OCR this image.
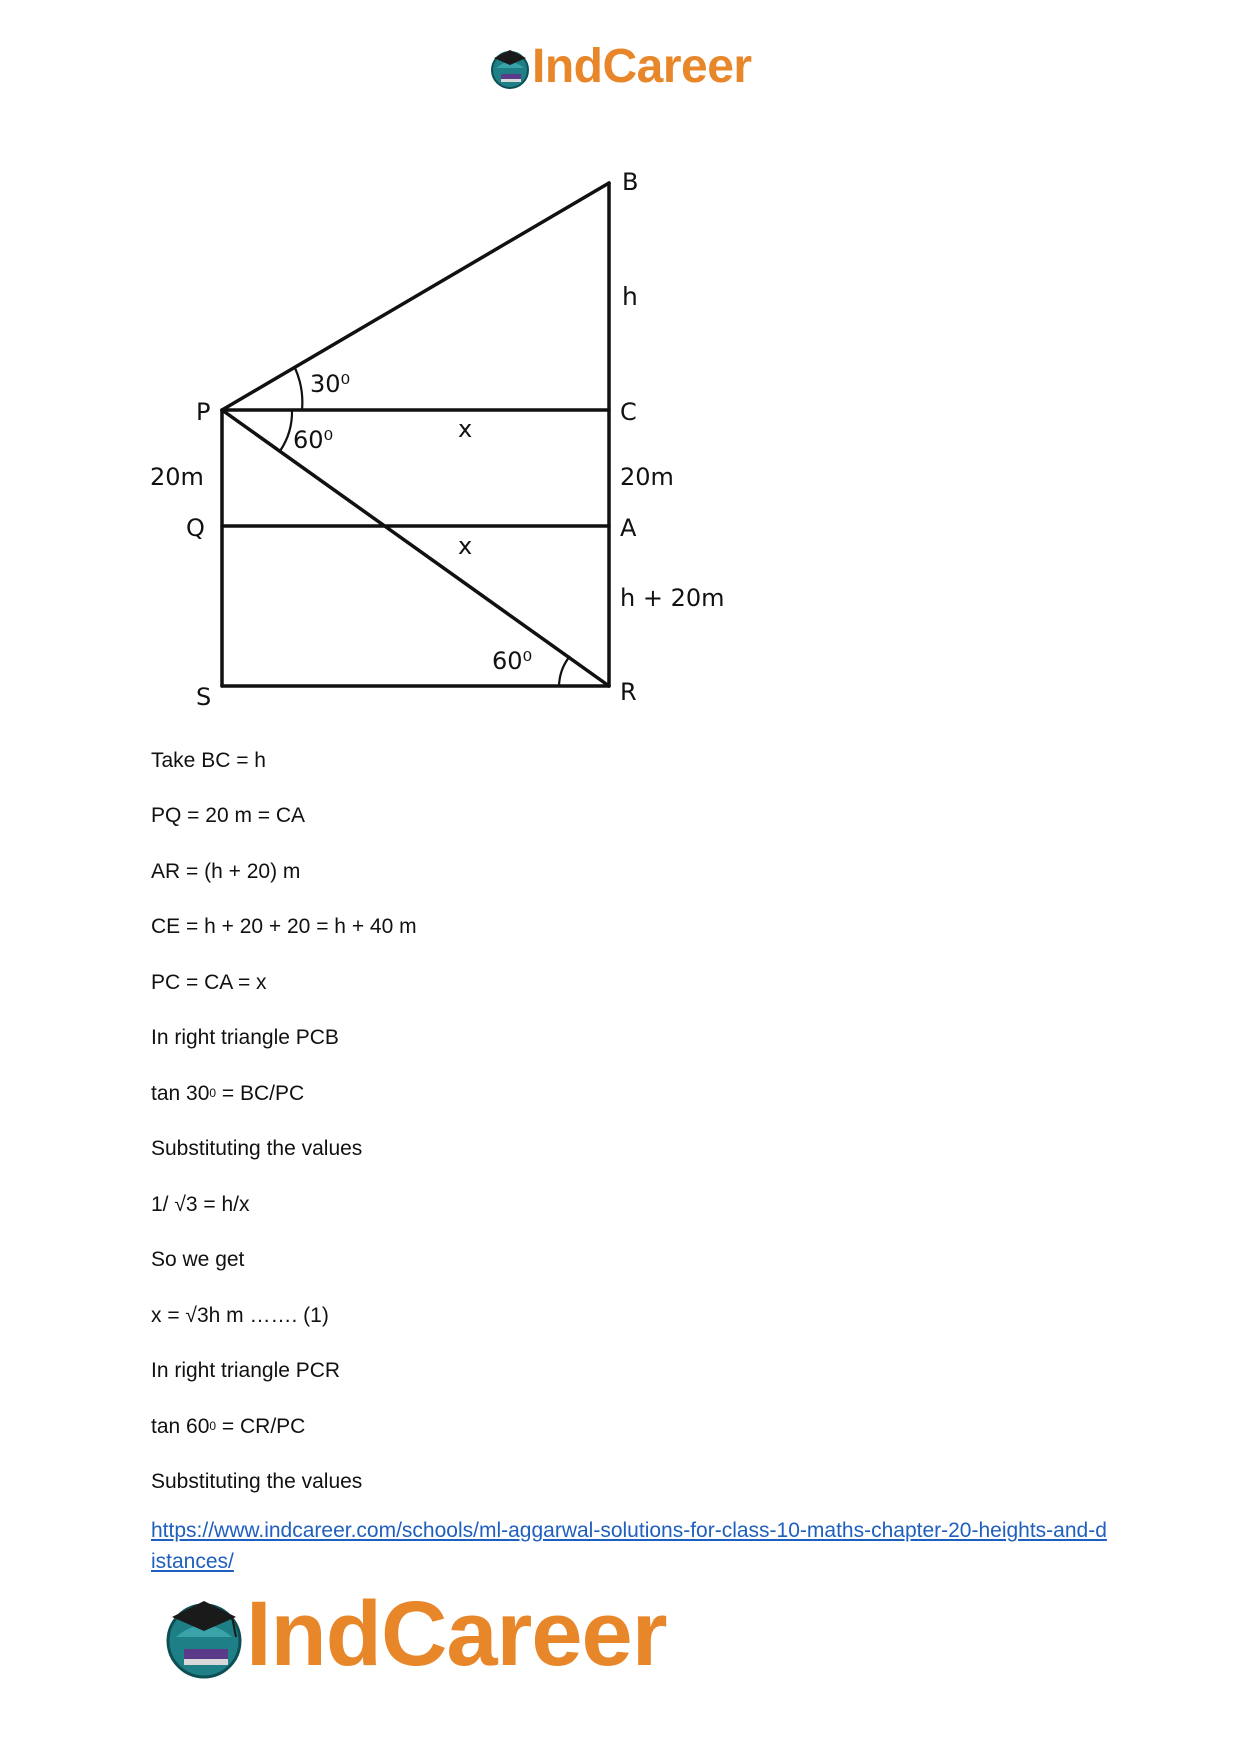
IndCareer
B
h
30⁰
P	C
60⁰	x
20m	20m
Q	A
x
h + 20m
60⁰
S	R
Take BC = h
PQ = 20 m = CA
AR = (h + 20) m
CE = h + 20 + 20 = h + 40 m
PC = CA = x
In right triangle PCB
$\tan 30^0 = BC/PC$
Substituting the values
1/ √3 = h/x
So we get
x = √3h m ……. (1)
In right triangle PCR
$\tan 60^0 = CR/PC$
Substituting the values
https://www.indcareer.com/schools/ml-aggarwal-solutions-for-class-10-maths-chapter-20-heights-and-distances/
IndCareer
